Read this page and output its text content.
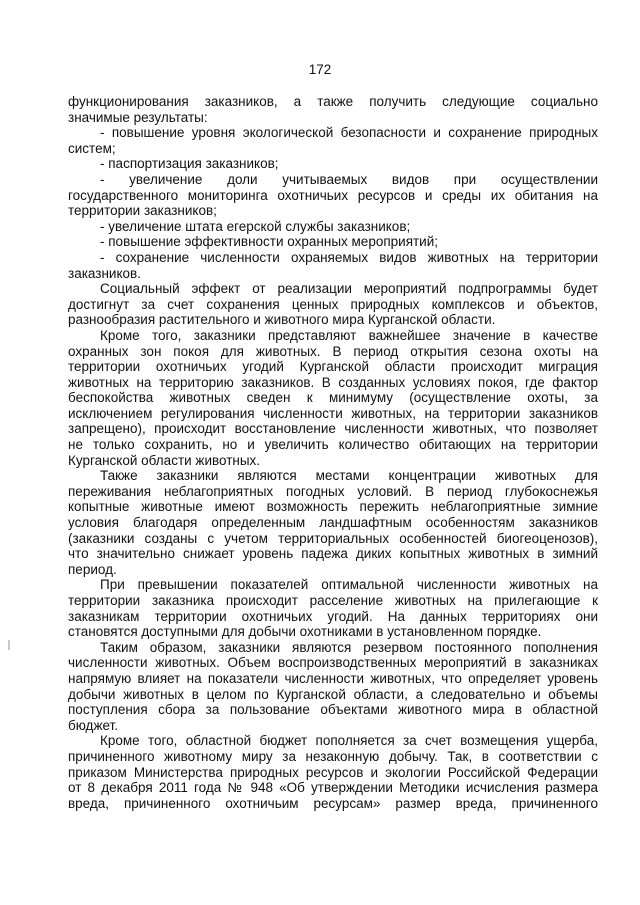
172
функционирования заказников, а также получить следующие социально
значимые результаты:
- повышение уровня экологической безопасности и сохранение природных
систем;
- паспортизация заказников;
- увеличение доли учитываемых видов при осуществлении
государственного мониторинга охотничьих ресурсов и среды их обитания на
территории заказников;
- увеличение штата егерской службы заказников;
- повышение эффективности охранных мероприятий;
- сохранение численности охраняемых видов животных на территории
заказников.
Социальный эффект от реализации мероприятий подпрограммы будет
достигнут за счет сохранения ценных природных комплексов и объектов,
разнообразия растительного и животного мира Курганской области.
Кроме того, заказники представляют важнейшее значение в качестве
охранных зон покоя для животных. В период открытия сезона охоты на
территории охотничьих угодий Курганской области происходит миграция
животных на территорию заказников. В созданных условиях покоя, где фактор
беспокойства животных сведен к минимуму (осуществление охоты, за
исключением регулирования численности животных, на территории заказников
запрещено), происходит восстановление численности животных, что позволяет
не только сохранить, но и увеличить количество обитающих на территории
Курганской области животных.
Также заказники являются местами концентрации животных для
переживания неблагоприятных погодных условий. В период глубокоснежья
копытные животные имеют возможность пережить неблагоприятные зимние
условия благодаря определенным ландшафтным особенностям заказников
(заказники созданы с учетом территориальных особенностей биогеоценозов),
что значительно снижает уровень падежа диких копытных животных в зимний
период.
При превышении показателей оптимальной численности животных на
территории заказника происходит расселение животных на прилегающие к
заказникам территории охотничьих угодий. На данных территориях они
становятся доступными для добычи охотниками в установленном порядке.
Таким образом, заказники являются резервом постоянного пополнения
численности животных. Объем воспроизводственных мероприятий в заказниках
напрямую влияет на показатели численности животных, что определяет уровень
добычи животных в целом по Курганской области, а следовательно и объемы
поступления сбора за пользование объектами животного мира в областной
бюджет.
Кроме того, областной бюджет пополняется за счет возмещения ущерба,
причиненного животному миру за незаконную добычу. Так, в соответствии с
приказом Министерства природных ресурсов и экологии Российской Федерации
от 8 декабря 2011 года № 948 «Об утверждении Методики исчисления размера
вреда, причиненного охотничьим ресурсам» размер вреда, причиненного
